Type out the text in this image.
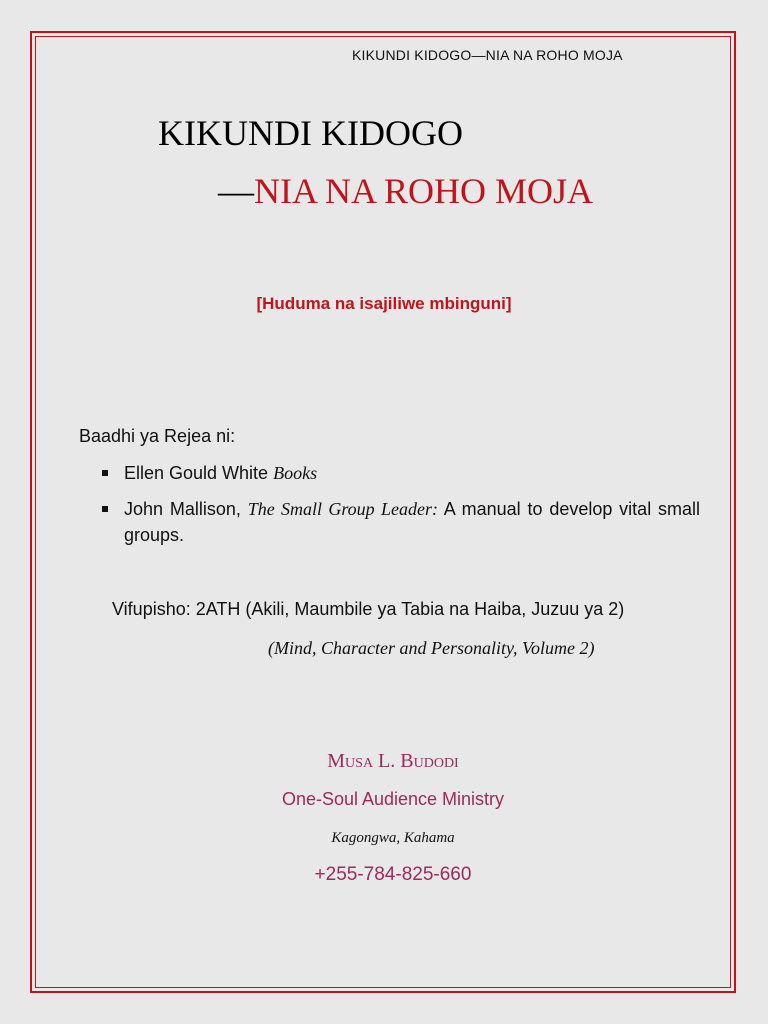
KIKUNDI KIDOGO—NIA NA ROHO MOJA
KIKUNDI KIDOGO
—NIA NA ROHO MOJA
[Huduma na isajiliwe mbinguni]
Baadhi ya Rejea ni:
Ellen Gould White Books
John Mallison, The Small Group Leader: A manual to develop vital small groups.
Vifupisho: 2ATH (Akili, Maumbile ya Tabia na Haiba, Juzuu ya 2)
(Mind, Character and Personality, Volume 2)
Musa L. Budodi
One-Soul Audience Ministry
Kagongwa, Kahama
+255-784-825-660
